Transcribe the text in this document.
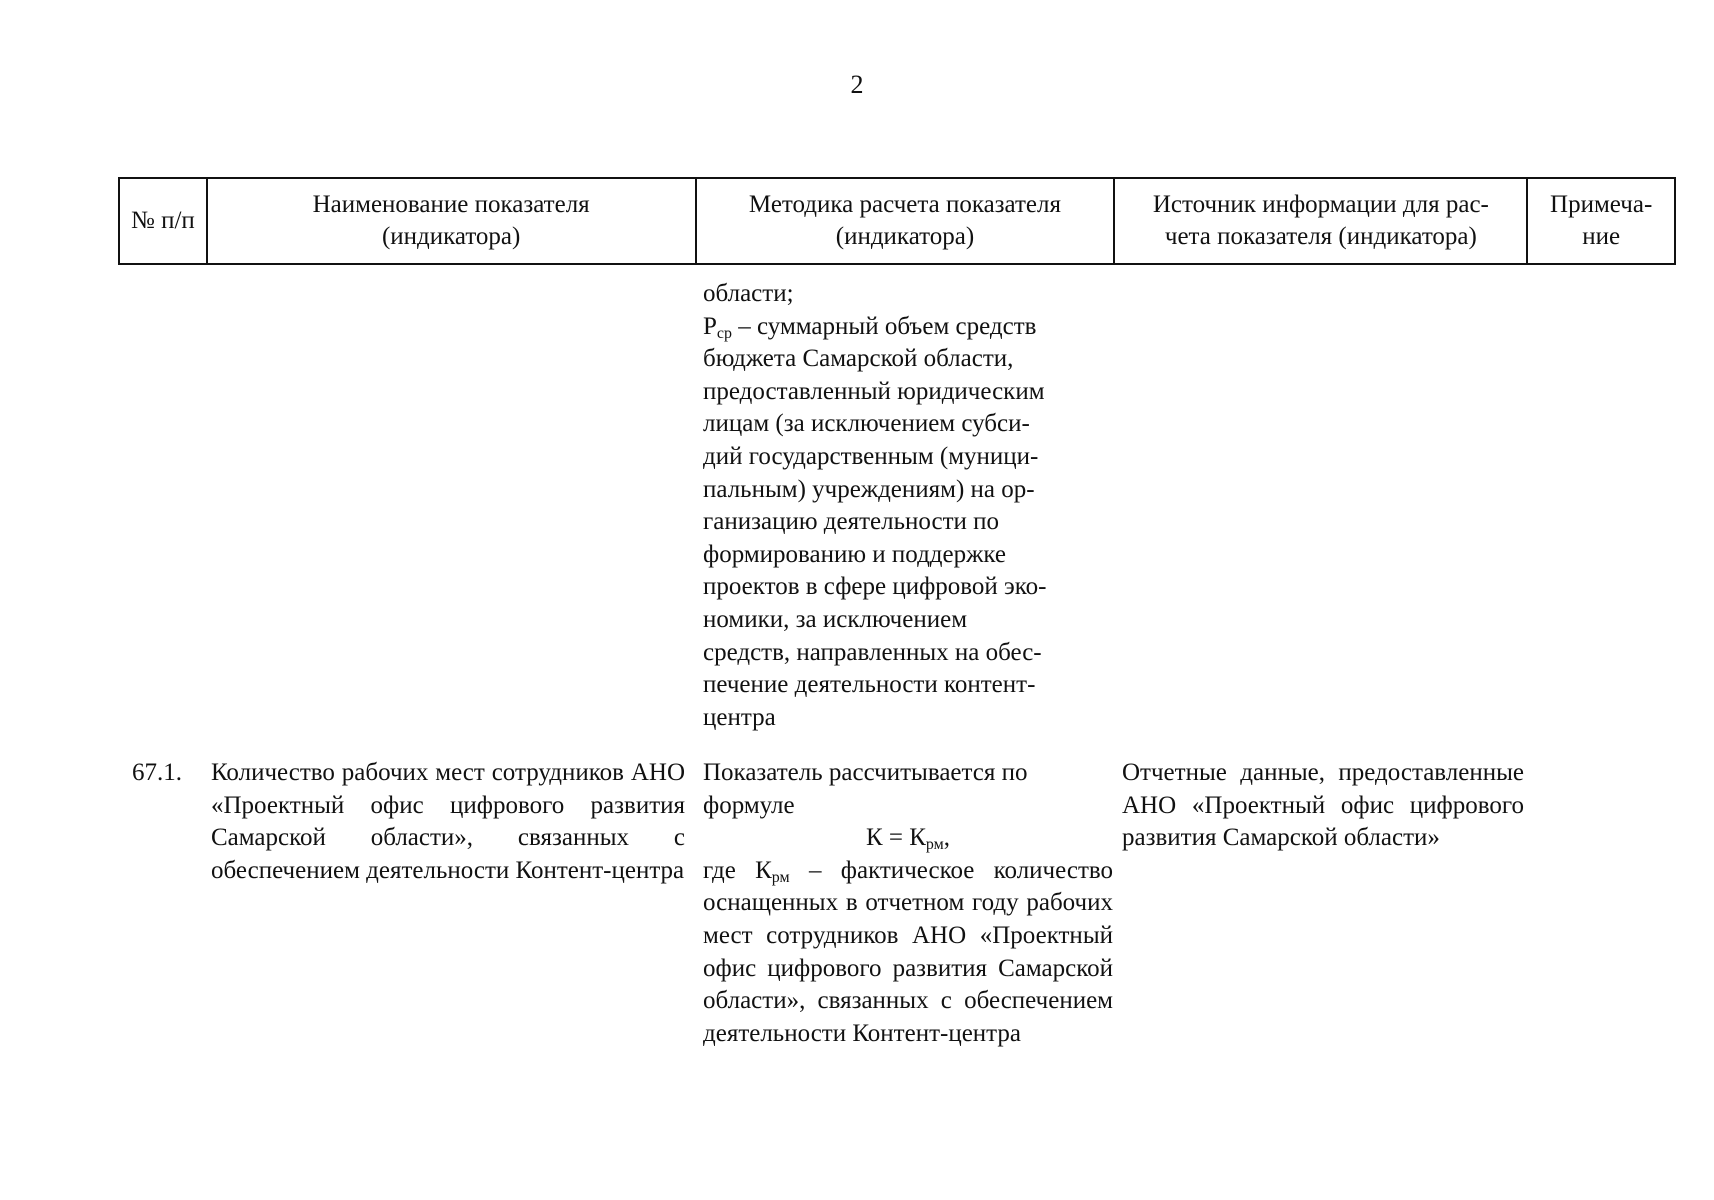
2
№ п/п
Наименование показателя
(индикатора)
Методика расчета показателя
(индикатора)
Источник информации для рас-
чета показателя (индикатора)
Примеча-
ние
области;
$Р_{ср}$ – суммарный объем средств
бюджета Самарской области,
предоставленный юридическим
лицам (за исключением субси-
дий государственным (муници-
пальным) учреждениям) на ор-
ганизацию деятельности по
формированию и поддержке
проектов в сфере цифровой эко-
номики, за исключением
средств, направленных на обес-
печение деятельности контент-
центра
67.1.	Количество рабочих мест сотрудников АНО «Проектный офис цифрового развития Самарской области», связанных с обеспечением деятельности Контент-центра
Показатель рассчитывается по
формуле
$К = К_{рм}$,
где $К_{рм}$ – фактическое количество оснащенных в отчетном году рабочих мест сотрудников АНО «Проектный офис цифрового развития Самарской области», связанных с обеспечением деятельности Контент-центра
Отчетные данные, предоставленные АНО «Проектный офис цифрового развития Самарской области»
